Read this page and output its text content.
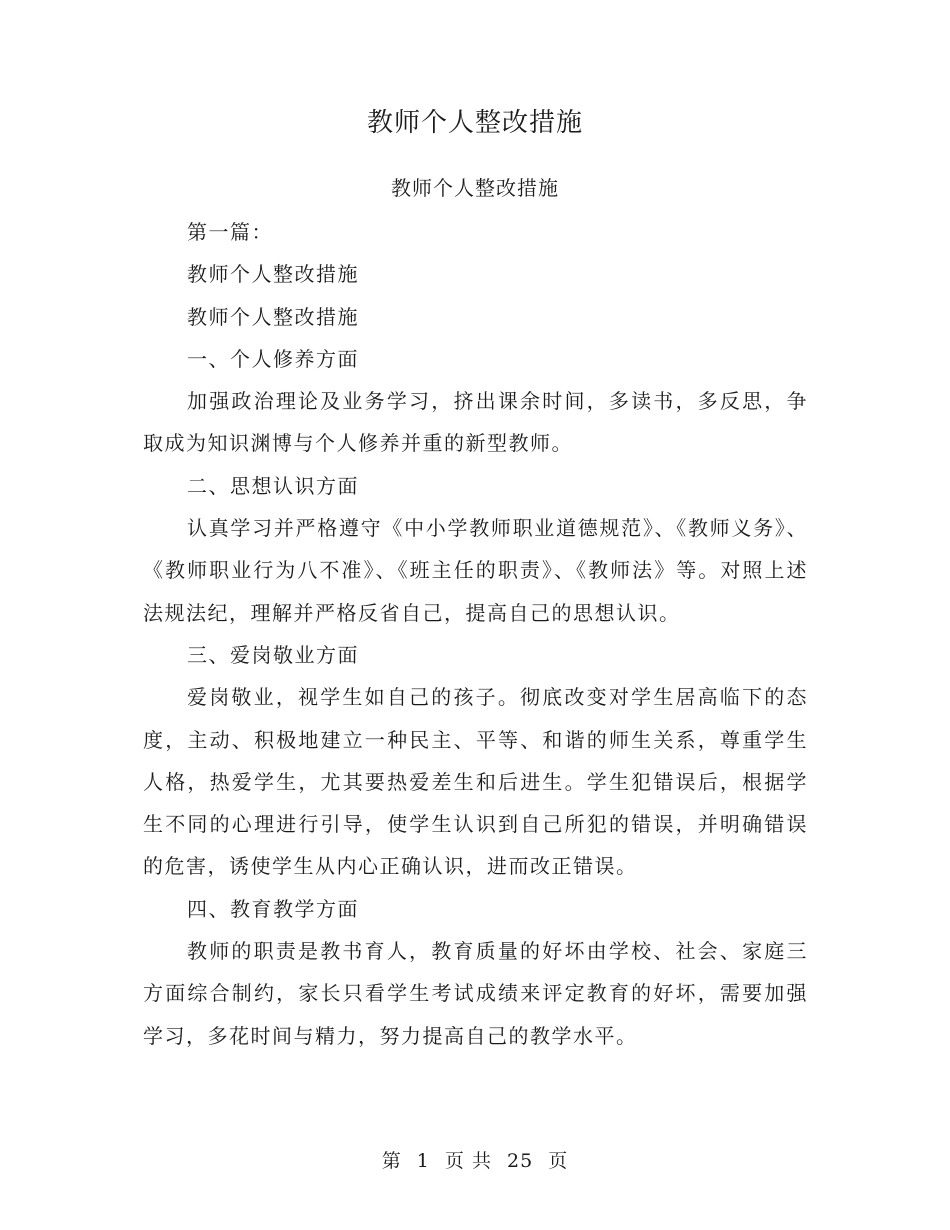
教师个人整改措施
教师个人整改措施

第一篇：

教师个人整改措施

教师个人整改措施

一、个人修养方面

加强政治理论及业务学习，挤出课余时间，多读书，多反思，争取成为知识渊博与个人修养并重的新型教师。

二、思想认识方面

认真学习并严格遵守《中小学教师职业道德规范》、《教师义务》、《教师职业行为八不准》、《班主任的职责》、《教师法》等。对照上述法规法纪，理解并严格反省自己，提高自己的思想认识。

三、爱岗敬业方面

爱岗敬业，视学生如自己的孩子。彻底改变对学生居高临下的态度，主动、积极地建立一种民主、平等、和谐的师生关系，尊重学生人格，热爱学生，尤其要热爱差生和后进生。学生犯错误后，根据学生不同的心理进行引导，使学生认识到自己所犯的错误，并明确错误的危害，诱使学生从内心正确认识，进而改正错误。

四、教育教学方面

教师的职责是教书育人，教育质量的好坏由学校、社会、家庭三方面综合制约，家长只看学生考试成绩来评定教育的好坏，需要加强学习，多花时间与精力，努力提高自己的教学水平。

第 1 页 共 25 页
